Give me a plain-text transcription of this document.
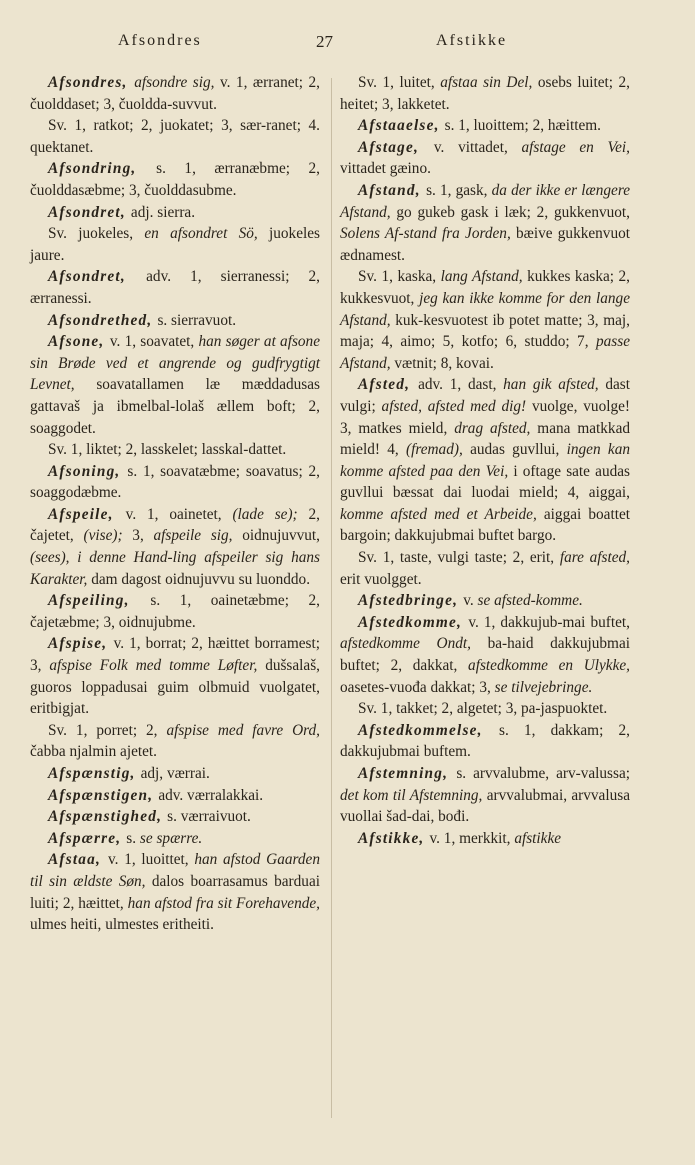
Afsondres	27	Afstikke

Afsondres, afsondre sig, v. 1, ærranet; 2, čuolddaset; 3, čuoldda-suvvut.

Sv. 1, ratkot; 2, juokatet; 3, sær-ranet; 4. quektanet.

Afsondring, s. 1, ærranæbme; 2, čuolddasæbme; 3, čuolddasubme.

Afsondret, adj. sierra.

Sv. juokeles, en afsondret Sö, juokeles jaure.

Afsondret, adv. 1, sierranessi; 2, ærranessi.

Afsondrethed, s. sierravuot.

Afsone, v. 1, soavatet, han søger at afsone sin Brøde ved et angrende og gudfrygtigt Levnet, soavatallamen læ mæddadusas gattavaš ja ibmelbal-lolaš ællem boft; 2, soaggodet.

Sv. 1, liktet; 2, lasskelet; lasskal-dattet.

Afsoning, s. 1, soavatæbme; soavatus; 2, soaggodæbme.

Afspeile, v. 1, oainetet, (lade se); 2, čajetet, (vise); 3, afspeile sig, oidnujuvvut, (sees), i denne Hand-ling afspeiler sig hans Karakter, dam dagost oidnujuvvu su luonddo.

Afspeiling, s. 1, oainetæbme; 2, čajetæbme; 3, oidnujubme.

Afspise, v. 1, borrat; 2, hæittet borramest; 3, afspise Folk med tomme Løfter, dušsalaš, guoros loppadusai guim olbmuid vuolgatet, eritbigjat.

Sv. 1, porret; 2, afspise med favre Ord, čabba njalmin ajetet.

Afspænstig, adj, værrai.

Afspænstigen, adv. værralakkai.

Afspænstighed, s. værraivuot.

Afspærre, s. se spærre.

Afstaa, v. 1, luoittet, han afstod Gaarden til sin ældste Søn, dalos boarrasamus barduai luiti; 2, hæittet, han afstod fra sit Forehavende, ulmes heiti, ulmestes eritheiti.

Sv. 1, luitet, afstaa sin Del, osebs luitet; 2, heitet; 3, lakketet.

Afstaaelse, s. 1, luoittem; 2, hæittem.

Afstage, v. vittadet, afstage en Vei, vittadet gæino.

Afstand, s. 1, gask, da der ikke er længere Afstand, go gukeb gask i læk; 2, gukkenvuot, Solens Af-stand fra Jorden, bæive gukkenvuot ædnamest.

Sv. 1, kaska, lang Afstand, kukkes kaska; 2, kukkesvuot, jeg kan ikke komme for den lange Afstand, kuk-kesvuotest ib potet matte; 3, maj, maja; 4, aimo; 5, kotfo; 6, studdo; 7, passe Afstand, vætnit; 8, kovai.

Afsted, adv. 1, dast, han gik afsted, dast vulgi; afsted, afsted med dig! vuolge, vuolge! 3, matkes mield, drag afsted, mana matkkad mield! 4, (fremad), audas guvllui, ingen kan komme afsted paa den Vei, i oftage sate audas guvllui bæssat dai luodai mield; 4, aiggai, komme afsted med et Arbeide, aiggai boattet bargoin; dakkujubmai buftet bargo.

Sv. 1, taste, vulgi taste; 2, erit, fare afsted, erit vuolgget.

Afstedbringe, v. se afsted-komme.

Afstedkomme, v. 1, dakkujub-mai buftet, afstedkomme Ondt, ba-haid dakkujubmai buftet; 2, dakkat, afstedkomme en Ulykke, oasetes-vuođa dakkat; 3, se tilvejebringe.

Sv. 1, takket; 2, algetet; 3, pa-jaspuoktet.

Afstedkommelse, s. 1, dakkam; 2, dakkujubmai buftem.

Afstemning, s. arvvalubme, arv-valussa; det kom til Afstemning, arvvalubmai, arvvalusa vuollai šad-dai, bođi.

Afstikke, v. 1, merkkit, afstikke
